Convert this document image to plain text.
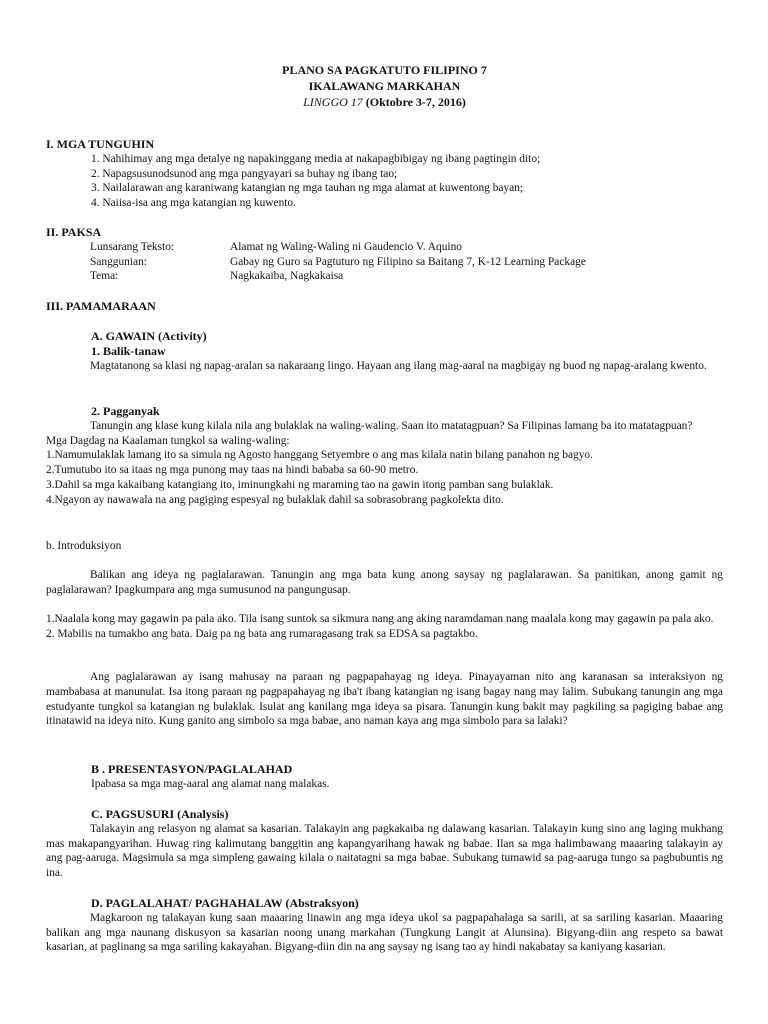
PLANO SA PAGKATUTO FILIPINO 7
IKALAWANG MARKAHAN
LINGGO 17 (Oktobre 3-7, 2016)
I. MGA TUNGUHIN
1. Nahihimay ang mga detalye ng napakinggang media at nakapagbibigay ng ibang pagtingin dito;
2. Napagsusunodsunod ang mga pangyayari sa buhay ng ibang tao;
3. Nailalarawan ang karaniwang katangian ng mga tauhan ng mga alamat at kuwentong bayan;
4. Naiisa-isa ang mga katangian ng kuwento.
II. PAKSA
Lunsarang Teksto:	Alamat ng Waling-Waling ni Gaudencio V. Aquino
Sanggunian:	Gabay ng Guro sa Pagtuturo ng Filipino sa Baitang 7, K-12 Learning Package
Tema:	Nagkakaiba, Nagkakaisa
III. PAMAMARAAN
A. GAWAIN (Activity)
1. Balik-tanaw

Magtatanong sa klasi ng napag-aralan sa nakaraang lingo. Hayaan ang ilang mag-aaral na magbigay ng buod ng napag-aralang kwento.

2. Pagganyak

Tanungin ang klase kung kilala nila ang bulaklak na waling-waling. Saan ito matatagpuan? Sa Filipinas lamang ba ito matatagpuan?

Mga Dagdag na Kaalaman tungkol sa waling-waling:
1.Namumulaklak lamang ito sa simula ng Agosto hanggang Setyembre o ang mas kilala natin bilang panahon ng bagyo.
2.Tumutubo ito sa itaas ng mga punong may taas na hindi bababa sa 60-90 metro.
3.Dahil sa mga kakaibang katangiang ito, iminungkahi ng maraming tao na gawin itong pamban sang bulaklak.
4.Ngayon ay nawawala na ang pagiging espesyal ng bulaklak dahil sa sobrasobrang pagkolekta dito.
b. Introduksiyon

Balikan ang ideya ng paglalarawan. Tanungin ang mga bata kung anong saysay ng paglalarawan. Sa panitikan, anong gamit ng paglalarawan? Ipagkumpara ang mga sumusunod na pangungusap.

1.Naalala kong may gagawin pa pala ako. Tila isang suntok sa sikmura nang ang aking naramdaman nang maalala kong may gagawin pa pala ako.

2. Mabilis na tumakbo ang bata. Daig pa ng bata ang rumaragasang trak sa EDSA sa pagtakbo.

Ang paglalarawan ay isang mahusay na paraan ng pagpapahayag ng ideya. Pinayayaman nito ang karanasan sa interaksiyon ng mambabasa at manunulat. Isa itong paraan ng pagpapahayag ng iba't ibang katangian ng isang bagay nang may lalim. Subukang tanungin ang mga estudyante tungkol sa katangian ng bulaklak. Isulat ang kanilang mga ideya sa pisara. Tanungin kung bakit may pagkiling sa pagiging babae ang itinatawid na ideya nito. Kung ganito ang simbolo sa mga babae, ano naman kaya ang mga simbolo para sa lalaki?

B . PRESENTASYON/PAGLALAHAD
Ipabasa sa mga mag-aaral ang alamat nang malakas.
C. PAGSUSURI (Analysis)

Talakayin ang relasyon ng alamat sa kasarian. Talakayin ang pagkakaiba ng dalawang kasarian. Talakayin kung sino ang laging mukhang mas makapangyarihan. Huwag ring kalimutang banggitin ang kapangyarihang hawak ng babae. Ilan sa mga halimbawang maaaring talakayin ay ang pag-aaruga. Magsimula sa mga simpleng gawaing kilala o naitatagni sa mga babae. Subukang tumawid sa pag-aaruga tungo sa pagbubuntis ng ina.

D. PAGLALAHAT/ PAGHAHALAW (Abstraksyon)

Magkaroon ng talakayan kung saan maaaring linawin ang mga ideya ukol sa pagpapahalaga sa sarili, at sa sariling kasarian. Maaaring balikan ang mga naunang diskusyon sa kasarian noong unang markahan (Tungkung Langit at Alunsina). Bigyang-diin ang respeto sa bawat kasarian, at paglinang sa mga sariling kakayahan. Bigyang-diin din na ang saysay ng isang tao ay hindi nakabatay sa kaniyang kasarian.
